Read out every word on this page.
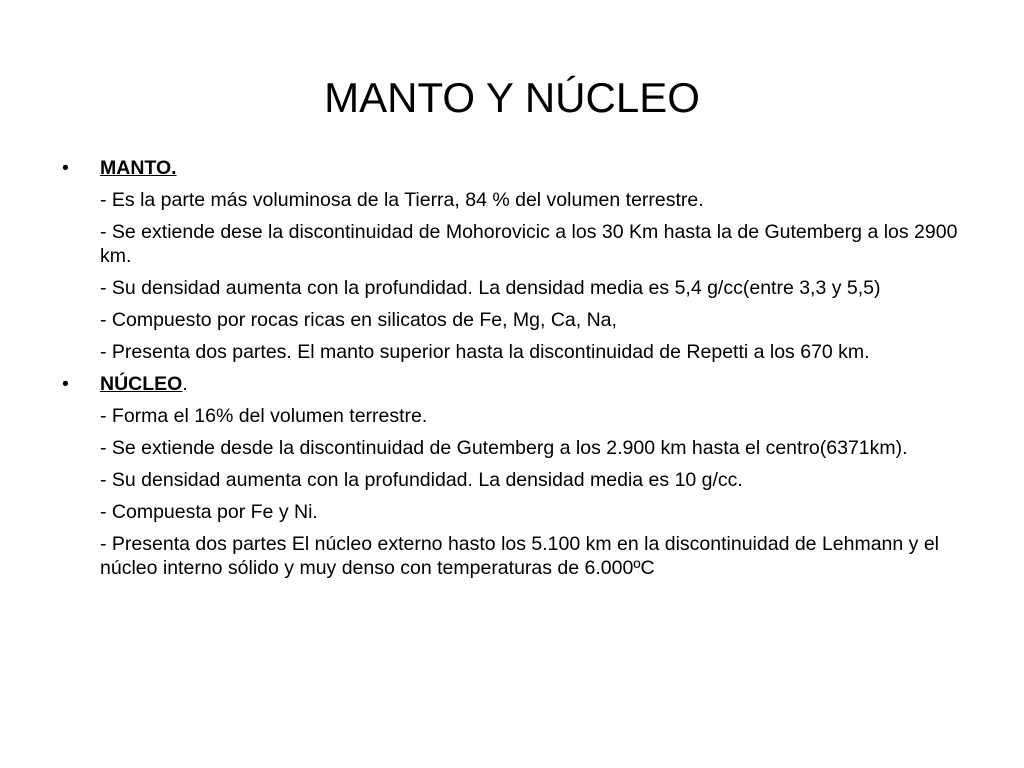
MANTO Y NÚCLEO
•	MANTO.
- Es la parte más voluminosa de la Tierra, 84 % del volumen terrestre.
- Se extiende dese la discontinuidad de Mohorovicic a los 30 Km hasta la de Gutemberg a los 2900 km.
- Su densidad aumenta con la profundidad. La densidad media es 5,4 g/cc(entre 3,3 y 5,5)
- Compuesto por rocas ricas en silicatos de Fe, Mg, Ca, Na,
- Presenta dos partes. El manto superior hasta la discontinuidad de Repetti a los 670 km.
•	NÚCLEO.
- Forma el 16% del volumen terrestre.
- Se extiende desde la discontinuidad de Gutemberg a los 2.900 km hasta el centro(6371km).
- Su densidad aumenta con la profundidad. La densidad media es 10 g/cc.
- Compuesta por Fe y Ni.
- Presenta dos partes El núcleo externo hasto los 5.100 km en la discontinuidad de Lehmann y el núcleo interno sólido y muy denso con temperaturas de 6.000ºC
